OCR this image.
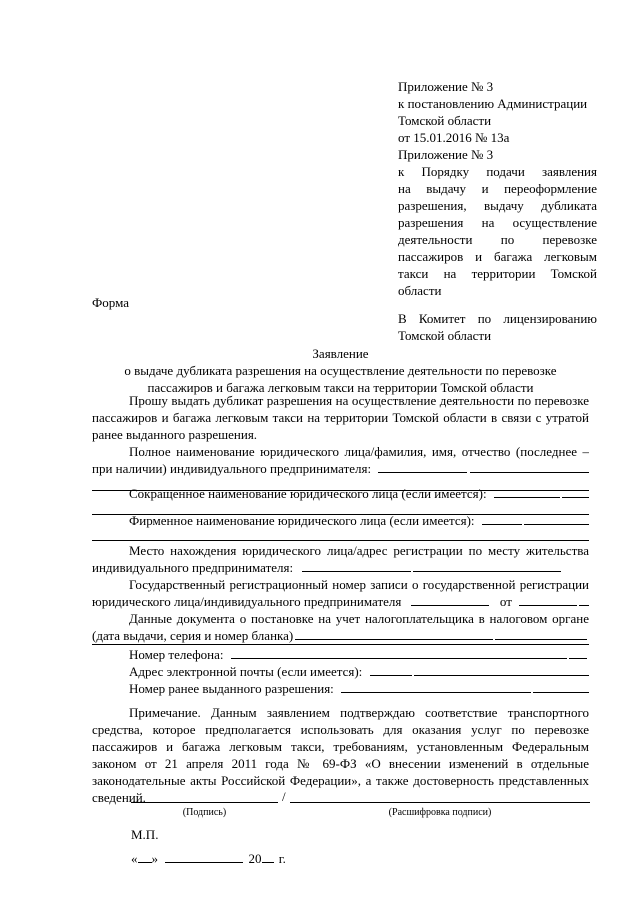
Приложение № 3
к постановлению Администрации
Томской области
от 15.01.2016 № 13а
Приложение № 3
к Порядку подачи заявления
на выдачу и переоформление
разрешения, выдачу дубликата
разрешения на осуществление
деятельности по перевозке
пассажиров и багажа легковым
такси на территории Томской
области
Форма
В Комитет по лицензированию
Томской области
Заявление
о выдаче дубликата разрешения на осуществление деятельности по перевозке
пассажиров и багажа легковым такси на территории Томской области
Прошу выдать дубликат разрешения на осуществление деятельности по перевозке
пассажиров и багажа легковым такси на территории Томской области в связи с утратой
ранее выданного разрешения.
Полное наименование юридического лица/фамилия, имя, отчество (последнее –
при наличии) индивидуального предпринимателя:
Сокращенное наименование юридического лица (если имеется):
Фирменное наименование юридического лица (если имеется):
Место нахождения юридического лица/адрес регистрации по месту жительства
индивидуального предпринимателя:
Государственный регистрационный номер записи о государственной регистрации
юридического лица/индивидуального предпринимателя	от
Данные документа о постановке на учет налогоплательщика в налоговом органе
(дата выдачи, серия и номер бланка)
Номер телефона:
Адрес электронной почты (если имеется):
Номер ранее выданного разрешения:
Примечание. Данным заявлением подтверждаю соответствие транспортного
средства, которое предполагается использовать для оказания услуг по перевозке
пассажиров и багажа легковым такси, требованиям, установленным Федеральным
законом от 21 апреля 2011 года № 69-ФЗ «О внесении изменений в отдельные
законодательные акты Российской Федерации», а также достоверность представленных
сведений.	/
(Подпись)	(Расшифровка подписи)
М.П.
« »	20 г.
